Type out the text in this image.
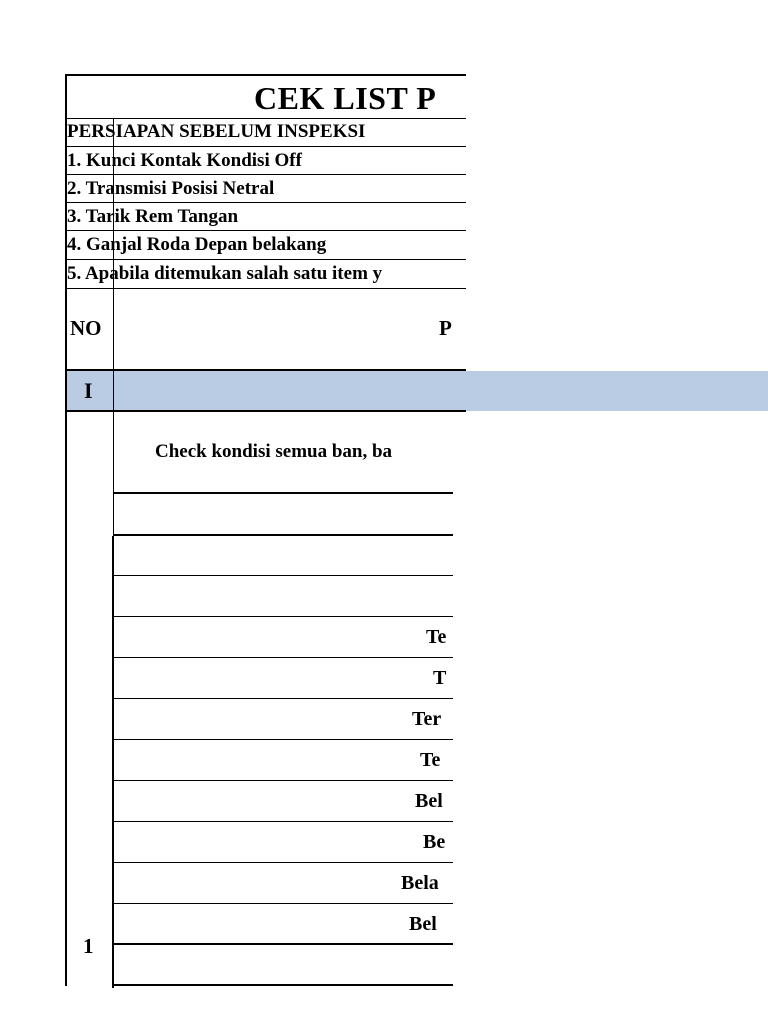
CEK LIST P
PERSIAPAN SEBELUM INSPEKSI
1. Kunci Kontak Kondisi Off
2. Transmisi Posisi Netral
3. Tarik Rem Tangan
4. Ganjal Roda Depan belakang
5. Apabila ditemukan salah satu item y
NO	P
I
Check kondisi semua ban, ba
Te
T
Ter
Te
Bel
Be
Bela
Bel
1
